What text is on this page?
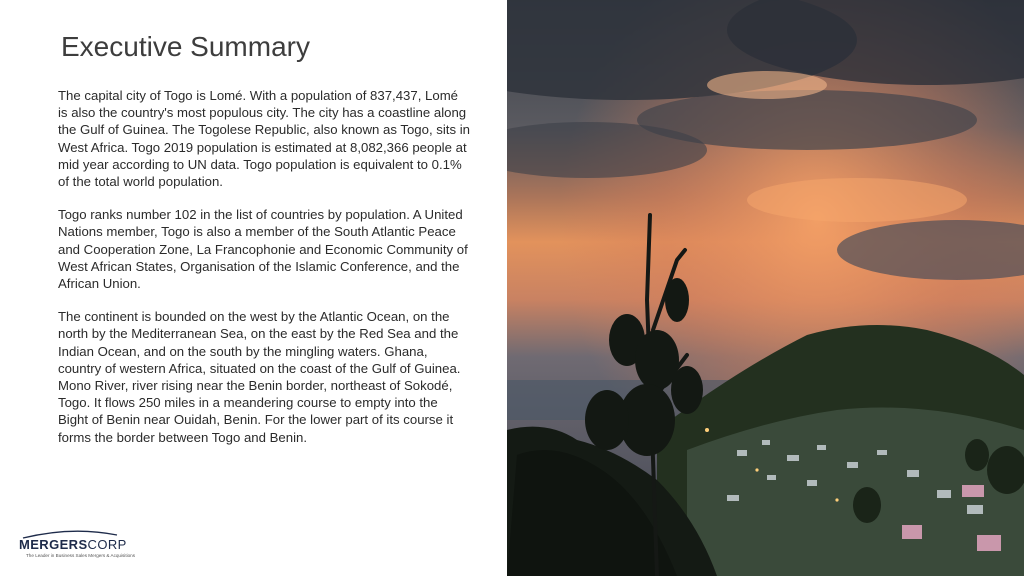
Executive Summary

The capital city of Togo is Lomé. With a population of 837,437, Lomé is also the country's most populous city. The city has a coastline along the Gulf of Guinea. The Togolese Republic, also known as Togo, sits in West Africa. Togo 2019 population is estimated at 8,082,366 people at mid year according to UN data. Togo population is equivalent to 0.1% of the total world population.

Togo ranks number 102 in the list of countries by population. A United Nations member, Togo is also a member of the South Atlantic Peace and Cooperation Zone, La Francophonie and Economic Community of West African States, Organisation of the Islamic Conference, and the African Union.

The continent is bounded on the west by the Atlantic Ocean, on the north by the Mediterranean Sea, on the east by the Red Sea and the Indian Ocean, and on the south by the mingling waters. Ghana, country of western Africa, situated on the coast of the Gulf of Guinea. Mono River, river rising near the Benin border, northeast of Sokodé, Togo. It flows 250 miles in a meandering course to empty into the Bight of Benin near Ouidah, Benin. For the lower part of its course it forms the border between Togo and Benin.

MERGERSCORP
The Leader in Business Sales Mergers & Acquisitions
